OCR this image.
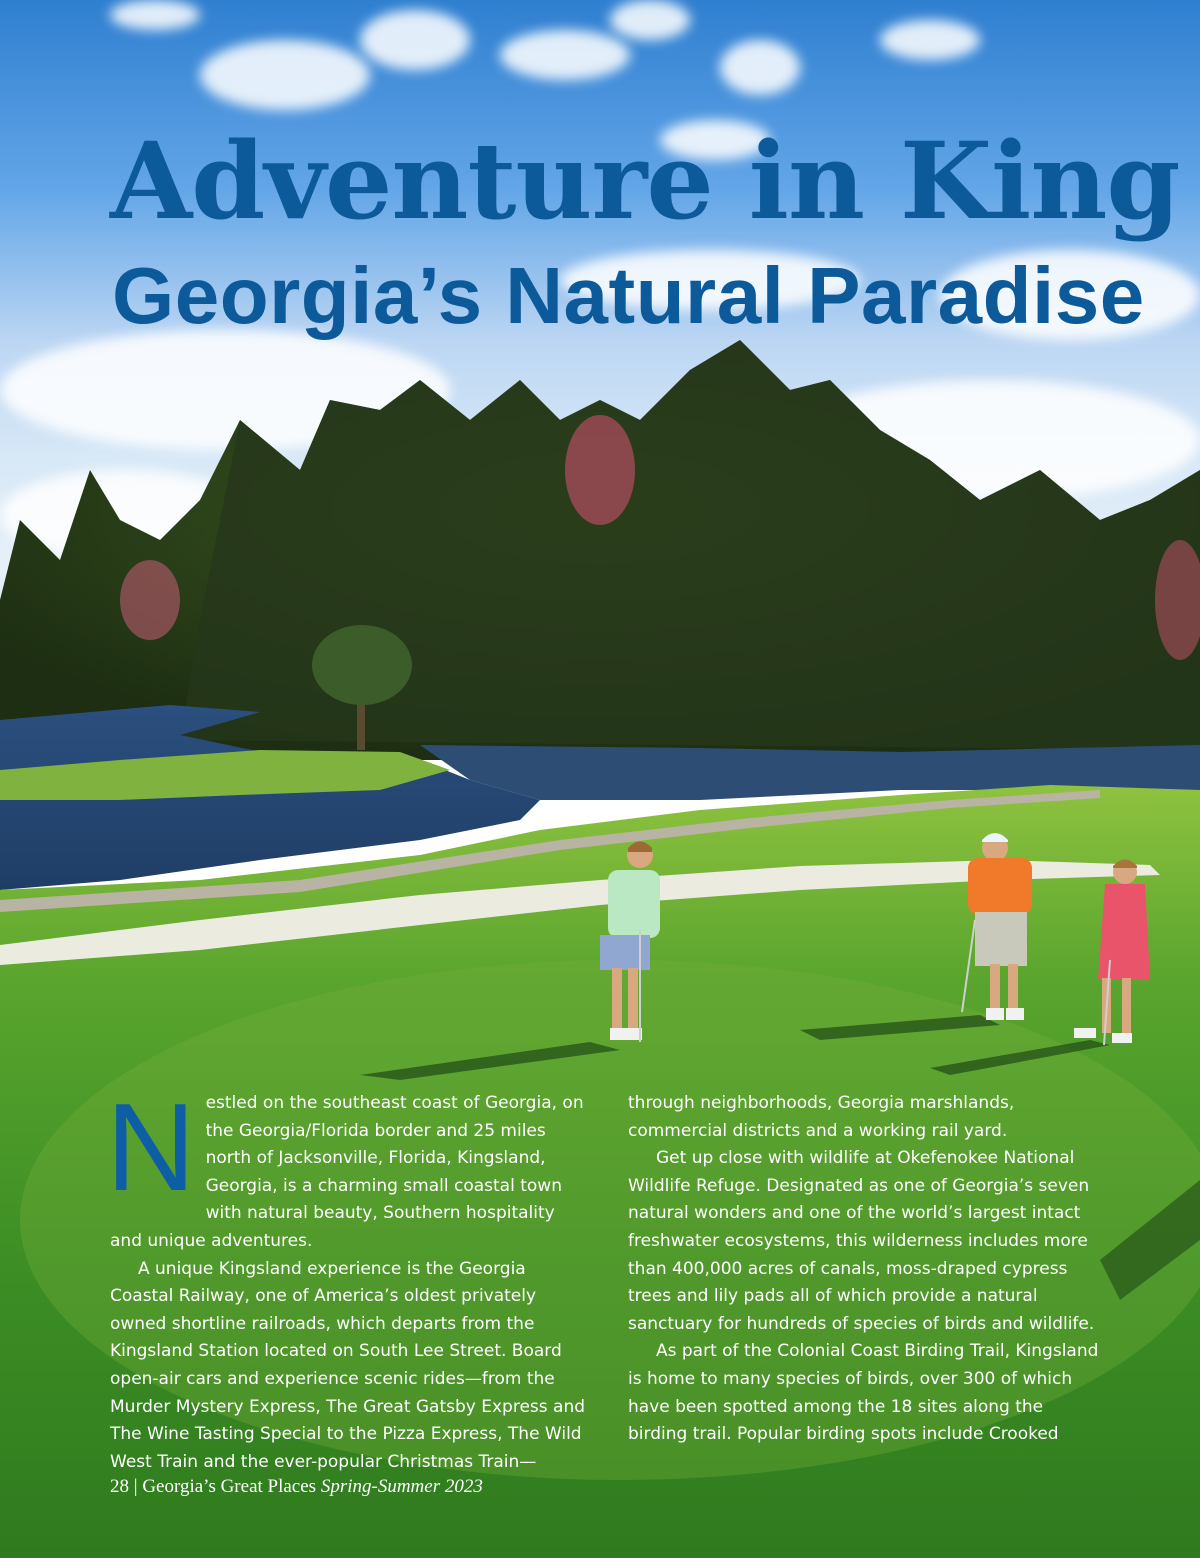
Adventure in King
Georgia’s Natural Paradise

Nestled on the southeast coast of Georgia, on the Georgia/Florida border and 25 miles north of Jacksonville, Florida, Kingsland, Georgia, is a charming small coastal town with natural beauty, Southern hospitality and unique adventures.

A unique Kingsland experience is the Georgia Coastal Railway, one of America’s oldest privately owned shortline railroads, which departs from the Kingsland Station located on South Lee Street. Board open-air cars and experience scenic rides—from the Murder Mystery Express, The Great Gatsby Express and The Wine Tasting Special to the Pizza Express, The Wild West Train and the ever-popular Christmas Train—

through neighborhoods, Georgia marshlands, commercial districts and a working rail yard.

Get up close with wildlife at Okefenokee National Wildlife Refuge. Designated as one of Georgia’s seven natural wonders and one of the world’s largest intact freshwater ecosystems, this wilderness includes more than 400,000 acres of canals, moss-draped cypress trees and lily pads all of which provide a natural sanctuary for hundreds of species of birds and wildlife.

As part of the Colonial Coast Birding Trail, Kingsland is home to many species of birds, over 300 of which have been spotted among the 18 sites along the birding trail. Popular birding spots include Crooked

28 | Georgia’s Great Places Spring-Summer 2023
